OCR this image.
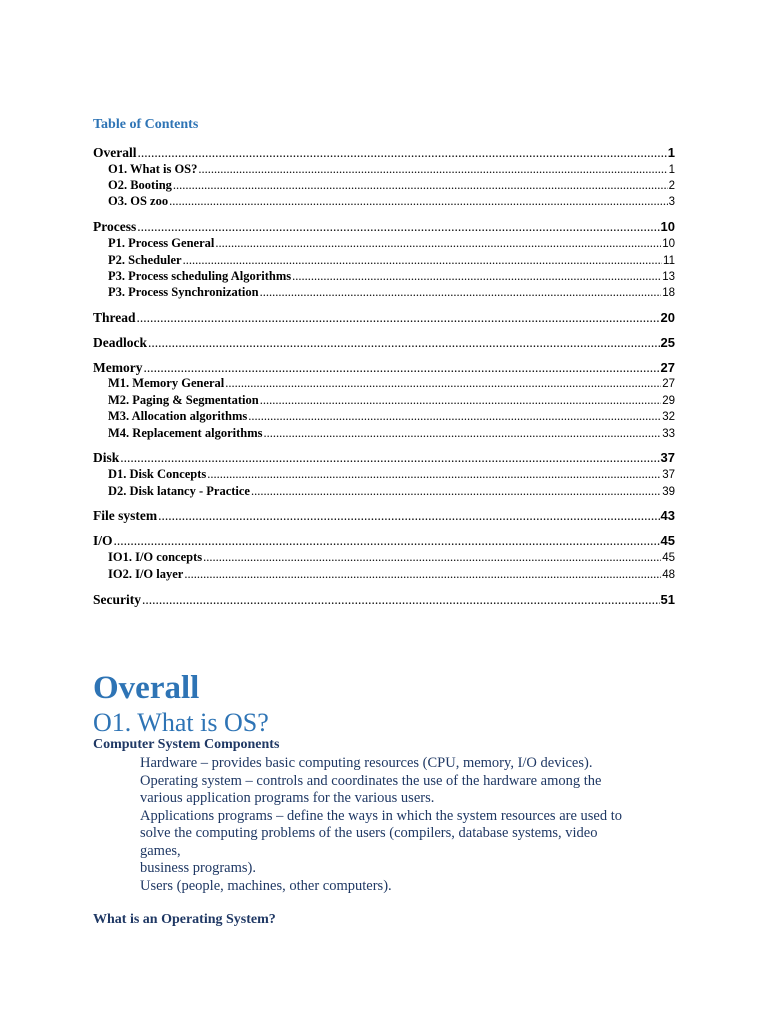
Table of Contents
Overall .....	1
O1. What is OS? .....	1
O2. Booting .....	2
O3. OS zoo .....	3
Process .....	10
P1. Process General .....	10
P2. Scheduler .....	11
P3. Process scheduling Algorithms .....	13
P3. Process Synchronization .....	18
Thread .....	20
Deadlock .....	25
Memory .....	27
M1. Memory General .....	27
M2. Paging & Segmentation .....	29
M3. Allocation algorithms .....	32
M4. Replacement algorithms .....	33
Disk .....	37
D1. Disk Concepts .....	37
D2. Disk latancy - Practice .....	39
File system .....	43
I/O .....	45
IO1. I/O concepts .....	45
IO2. I/O layer .....	48
Security .....	51
Overall
O1. What is OS?
Computer System Components
Hardware – provides basic computing resources (CPU, memory, I/O devices).
Operating system – controls and coordinates the use of the hardware among the
various application programs for the various users.
Applications programs – define the ways in which the system resources are used to
solve the computing problems of the users (compilers, database systems, video
games,
business programs).
Users (people, machines, other computers).
What is an Operating System?
